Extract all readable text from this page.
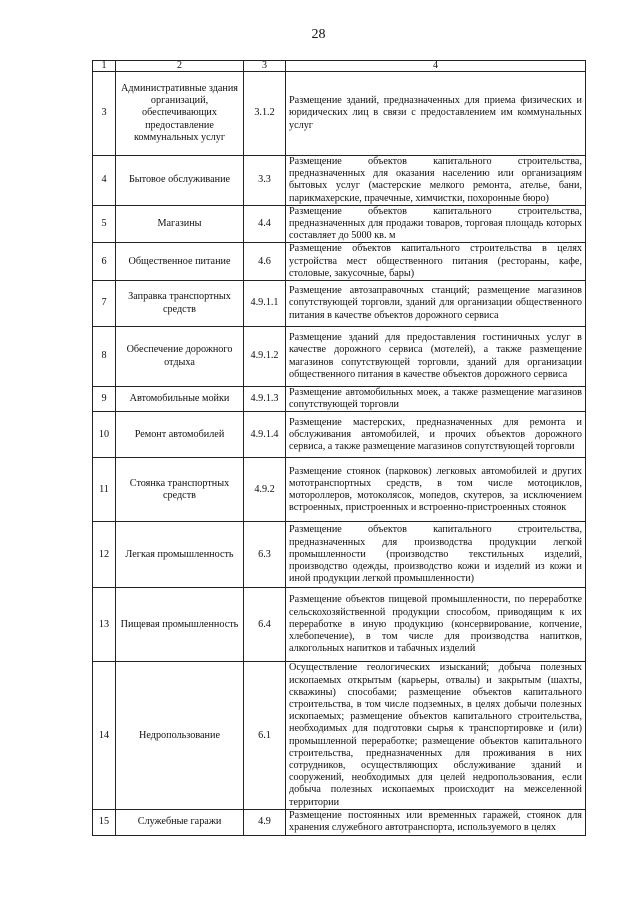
28
1	2	3	4
3	Административные здания организаций, обеспечивающих предоставление коммунальных услуг	3.1.2	Размещение зданий, предназначенных для приема физических и юридических лиц в связи с предоставлением им коммунальных услуг
4	Бытовое обслуживание	3.3	Размещение объектов капитального строительства, предназначенных для оказания населению или организациям бытовых услуг (мастерские мелкого ремонта, ателье, бани, парикмахерские, прачечные, химчистки, похоронные бюро)
5	Магазины	4.4	Размещение объектов капитального строительства, предназначенных для продажи товаров, торговая площадь которых составляет до 5000 кв. м
6	Общественное питание	4.6	Размещение объектов капитального строительства в целях устройства мест общественного питания (рестораны, кафе, столовые, закусочные, бары)
7	Заправка транспортных средств	4.9.1.1	Размещение автозаправочных станций; размещение магазинов сопутствующей торговли, зданий для организации общественного питания в качестве объектов дорожного сервиса
8	Обеспечение дорожного отдыха	4.9.1.2	Размещение зданий для предоставления гостиничных услуг в качестве дорожного сервиса (мотелей), а также размещение магазинов сопутствующей торговли, зданий для организации общественного питания в качестве объектов дорожного сервиса
9	Автомобильные мойки	4.9.1.3	Размещение автомобильных моек, а также размещение магазинов сопутствующей торговли
10	Ремонт автомобилей	4.9.1.4	Размещение мастерских, предназначенных для ремонта и обслуживания автомобилей, и прочих объектов дорожного сервиса, а также размещение магазинов сопутствующей торговли
11	Стоянка транспортных средств	4.9.2	Размещение стоянок (парковок) легковых автомобилей и других мототранспортных средств, в том числе мотоциклов, мотороллеров, мотоколясок, мопедов, скутеров, за исключением встроенных, пристроенных и встроенно-пристроенных стоянок
12	Легкая промышленность	6.3	Размещение объектов капитального строительства, предназначенных для производства продукции легкой промышленности (производство текстильных изделий, производство одежды, производство кожи и изделий из кожи и иной продукции легкой промышленности)
13	Пищевая промышленность	6.4	Размещение объектов пищевой промышленности, по переработке сельскохозяйственной продукции способом, приводящим к их переработке в иную продукцию (консервирование, копчение, хлебопечение), в том числе для производства напитков, алкогольных напитков и табачных изделий
14	Недропользование	6.1	Осуществление геологических изысканий; добыча полезных ископаемых открытым (карьеры, отвалы) и закрытым (шахты, скважины) способами; размещение объектов капитального строительства, в том числе подземных, в целях добычи полезных ископаемых; размещение объектов капитального строительства, необходимых для подготовки сырья к транспортировке и (или) промышленной переработке; размещение объектов капитального строительства, предназначенных для проживания в них сотрудников, осуществляющих обслуживание зданий и сооружений, необходимых для целей недропользования, если добыча полезных ископаемых происходит на межселенной территории
15	Служебные гаражи	4.9	Размещение постоянных или временных гаражей, стоянок для хранения служебного автотранспорта, используемого в целях
